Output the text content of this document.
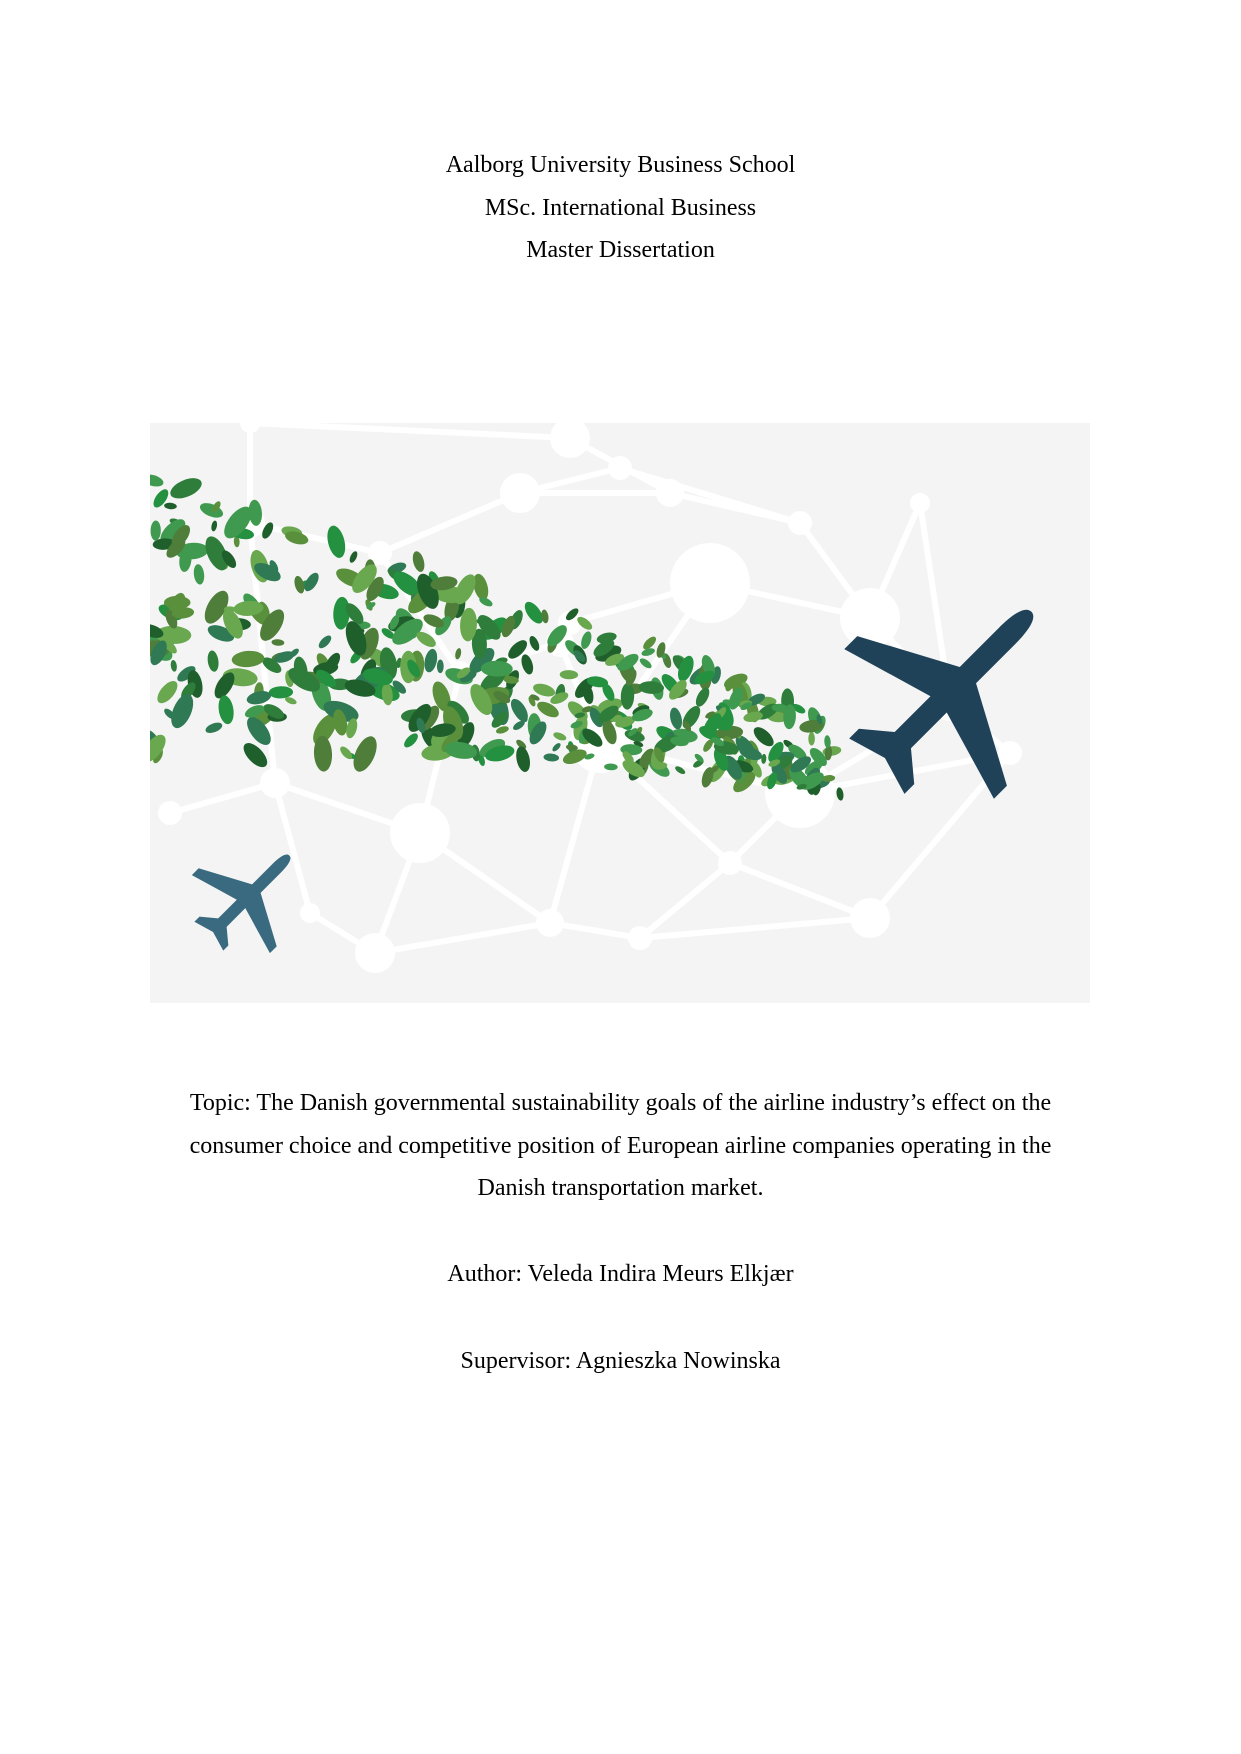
Aalborg University Business School
MSc. International Business
Master Dissertation
Topic: The Danish governmental sustainability goals of the airline industry’s effect on the
consumer choice and competitive position of European airline companies operating in the
Danish transportation market.
Author: Veleda Indira Meurs Elkjær
Supervisor: Agnieszka Nowinska
